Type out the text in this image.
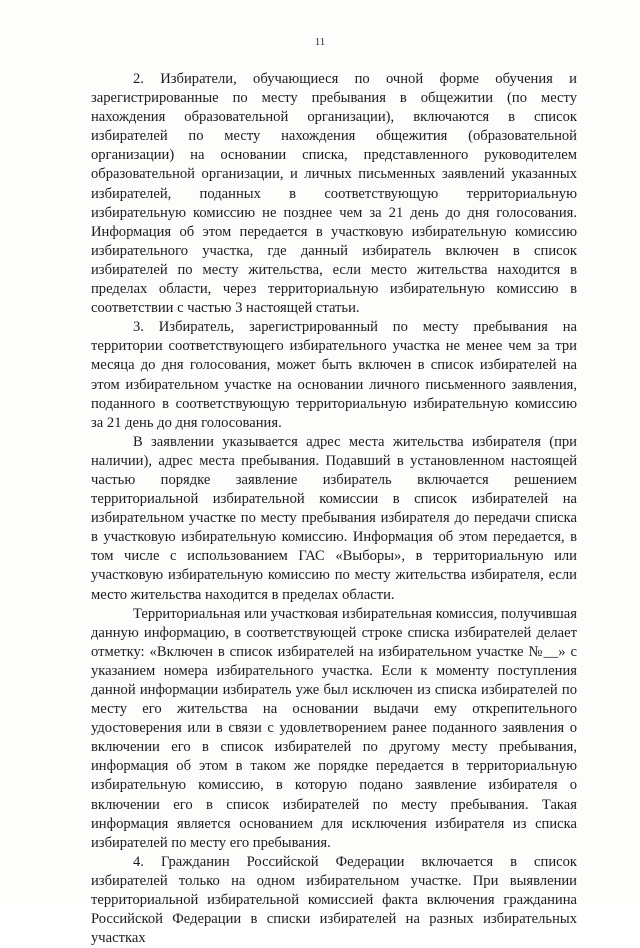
11

2. Избиратели, обучающиеся по очной форме обучения и зарегистрированные по месту пребывания в общежитии (по месту нахождения образовательной организации), включаются в список избирателей по месту нахождения общежития (образовательной организации) на основании списка, представленного руководителем образовательной организации, и личных письменных заявлений указанных избирателей, поданных в соответствующую территориальную избирательную комиссию не позднее чем за 21 день до дня голосования. Информация об этом передается в участковую избирательную комиссию избирательного участка, где данный избиратель включен в список избирателей по месту жительства, если место жительства находится в пределах области, через территориальную избирательную комиссию в соответствии с частью 3 настоящей статьи.

3. Избиратель, зарегистрированный по месту пребывания на территории соответствующего избирательного участка не менее чем за три месяца до дня голосования, может быть включен в список избирателей на этом избирательном участке на основании личного письменного заявления, поданного в соответствующую территориальную избирательную комиссию за 21 день до дня голосования.

В заявлении указывается адрес места жительства избирателя (при наличии), адрес места пребывания. Подавший в установленном настоящей частью порядке заявление избиратель включается решением территориальной избирательной комиссии в список избирателей на избирательном участке по месту пребывания избирателя до передачи списка в участковую избирательную комиссию. Информация об этом передается, в том числе с использованием ГАС «Выборы», в территориальную или участковую избирательную комиссию по месту жительства избирателя, если место жительства находится в пределах области.

Территориальная или участковая избирательная комиссия, получившая данную информацию, в соответствующей строке списка избирателей делает отметку: «Включен в список избирателей на избирательном участке №__» с указанием номера избирательного участка. Если к моменту поступления данной информации избиратель уже был исключен из списка избирателей по месту его жительства на основании выдачи ему открепительного удостоверения или в связи с удовлетворением ранее поданного заявления о включении его в список избирателей по другому месту пребывания, информация об этом в таком же порядке передается в территориальную избирательную комиссию, в которую подано заявление избирателя о включении его в список избирателей по месту пребывания. Такая информация является основанием для исключения избирателя из списка избирателей по месту его пребывания.

4. Гражданин Российской Федерации включается в список избирателей только на одном избирательном участке. При выявлении территориальной избирательной комиссией факта включения гражданина Российской Федерации в списки избирателей на разных избирательных участках
